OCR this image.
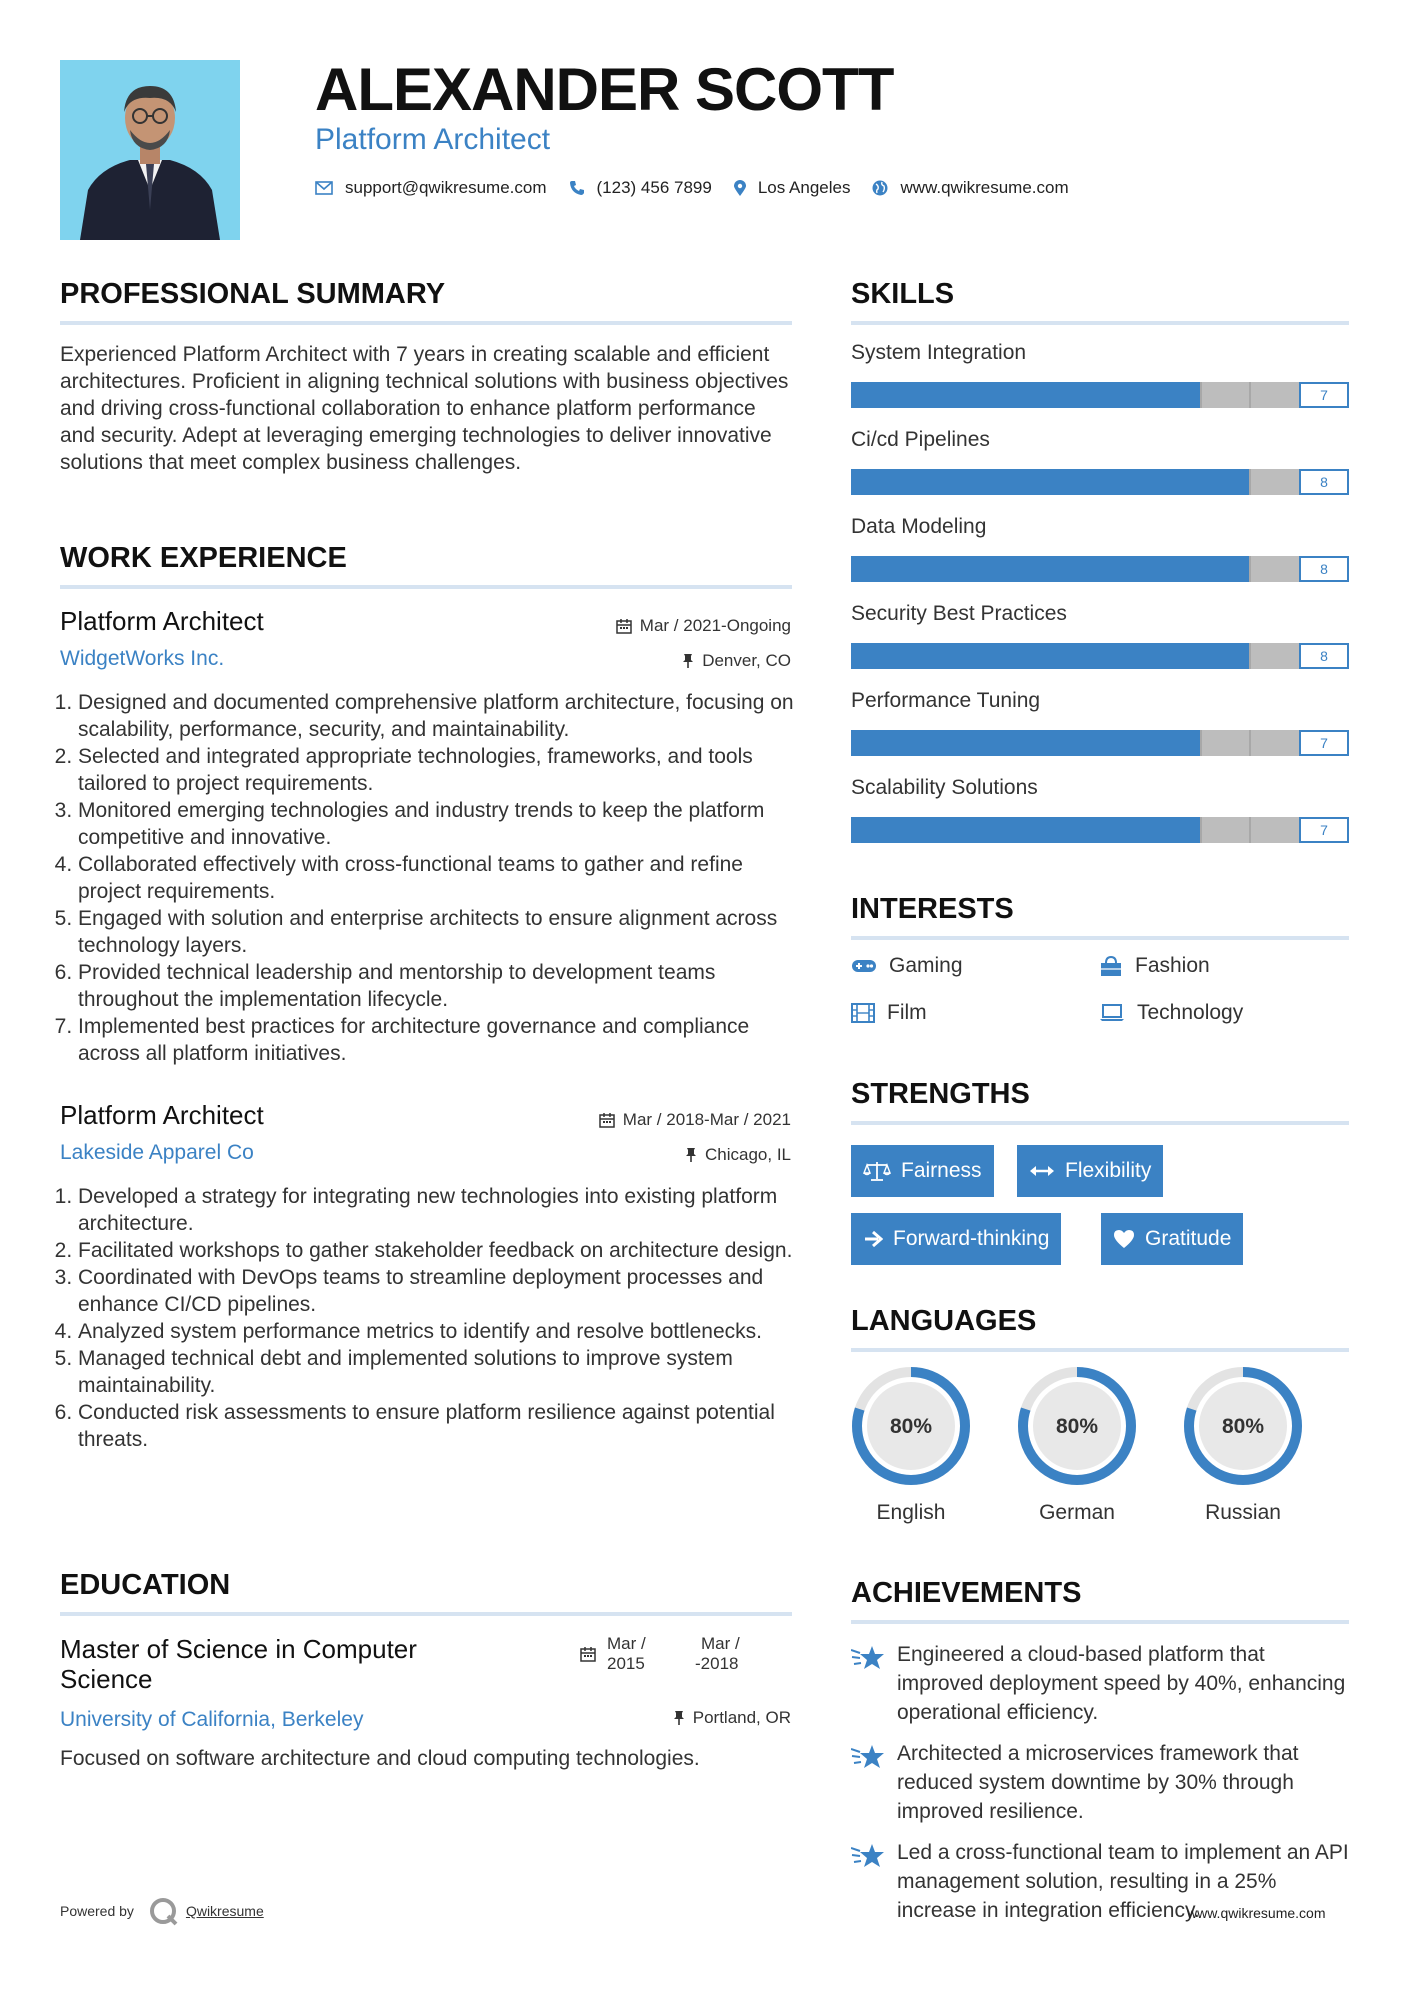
ALEXANDER SCOTT
Platform Architect
support@qwikresume.com	(123) 456 7899	Los Angeles	www.qwikresume.com
PROFESSIONAL SUMMARY
Experienced Platform Architect with 7 years in creating scalable and efficient architectures. Proficient in aligning technical solutions with business objectives and driving cross-functional collaboration to enhance platform performance and security. Adept at leveraging emerging technologies to deliver innovative solutions that meet complex business challenges.
WORK EXPERIENCE
Platform Architect
WidgetWorks Inc.
Mar / 2021-Ongoing
Denver, CO
1. Designed and documented comprehensive platform architecture, focusing on scalability, performance, security, and maintainability.
2. Selected and integrated appropriate technologies, frameworks, and tools tailored to project requirements.
3. Monitored emerging technologies and industry trends to keep the platform competitive and innovative.
4. Collaborated effectively with cross-functional teams to gather and refine project requirements.
5. Engaged with solution and enterprise architects to ensure alignment across technology layers.
6. Provided technical leadership and mentorship to development teams throughout the implementation lifecycle.
7. Implemented best practices for architecture governance and compliance across all platform initiatives.
Platform Architect
Lakeside Apparel Co
Mar / 2018-Mar / 2021
Chicago, IL
1. Developed a strategy for integrating new technologies into existing platform architecture.
2. Facilitated workshops to gather stakeholder feedback on architecture design.
3. Coordinated with DevOps teams to streamline deployment processes and enhance CI/CD pipelines.
4. Analyzed system performance metrics to identify and resolve bottlenecks.
5. Managed technical debt and implemented solutions to improve system maintainability.
6. Conducted risk assessments to ensure platform resilience against potential threats.
EDUCATION
Master of Science in Computer
Science
University of California, Berkeley
Mar /
2015
Mar /
-2018
Portland, OR
Focused on software architecture and cloud computing technologies.
SKILLS
System Integration
7
Ci/cd Pipelines
8
Data Modeling
8
Security Best Practices
8
Performance Tuning
7
Scalability Solutions
7
INTERESTS
Gaming	Fashion
Film	Technology
STRENGTHS
Fairness	Flexibility
Forward-thinking	Gratitude
LANGUAGES
80%
English
80%
German
80%
Russian
ACHIEVEMENTS
Engineered a cloud-based platform that improved deployment speed by 40%, enhancing operational efficiency.
Architected a microservices framework that reduced system downtime by 30% through improved resilience.
Led a cross-functional team to implement an API management solution, resulting in a 25% increase in integration efficiency.
Powered by	Qwikresume	www.qwikresume.com
